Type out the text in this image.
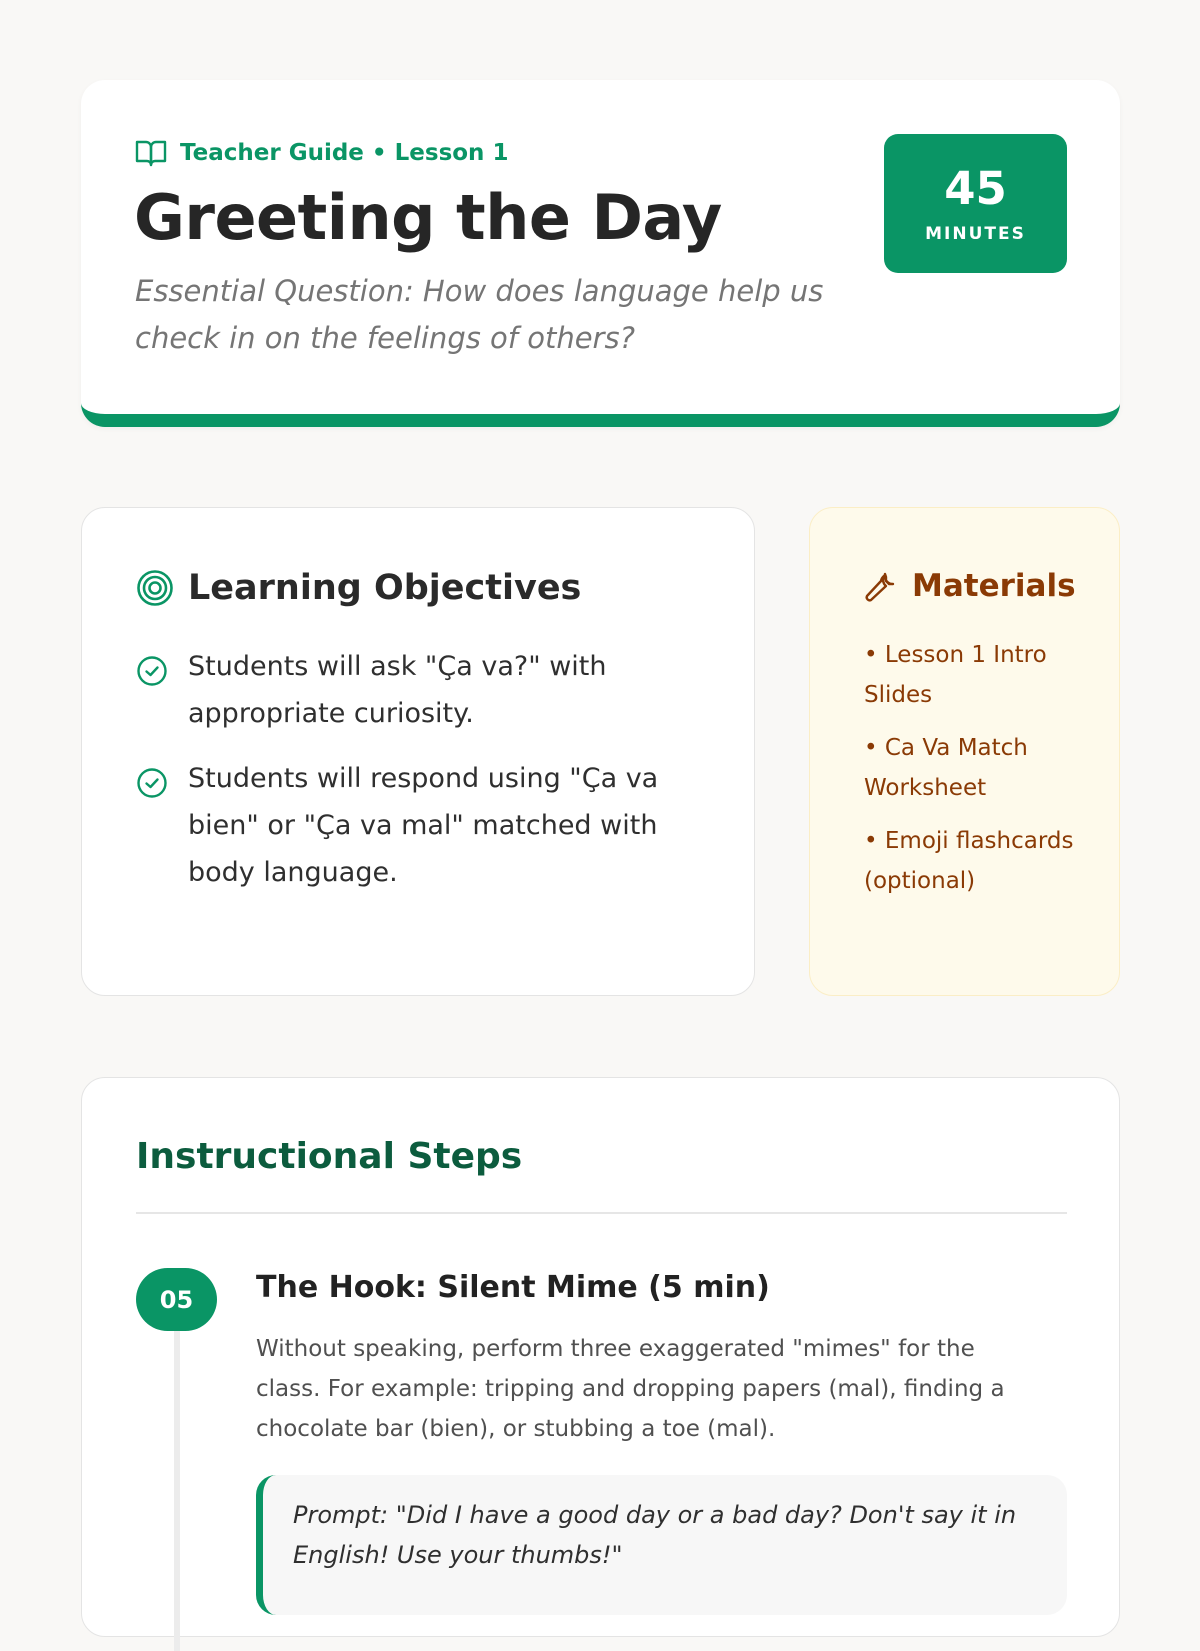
Teacher Guide • Lesson 1
Greeting the Day

Essential Question: How does language help us check in on the feelings of others?

45
MINUTES
Learning Objectives
Students will ask "Ça va?" with appropriate curiosity.
Students will respond using "Ça va bien" or "Ça va mal" matched with body language.
Materials
• Lesson 1 Intro Slides
• Ca Va Match Worksheet
• Emoji flashcards (optional)
Instructional Steps
05	The Hook: Silent Mime (5 min)

Without speaking, perform three exaggerated "mimes" for the class. For example: tripping and dropping papers (mal), finding a chocolate bar (bien), or stubbing a toe (mal).

Prompt: "Did I have a good day or a bad day? Don't say it in English! Use your thumbs!"
